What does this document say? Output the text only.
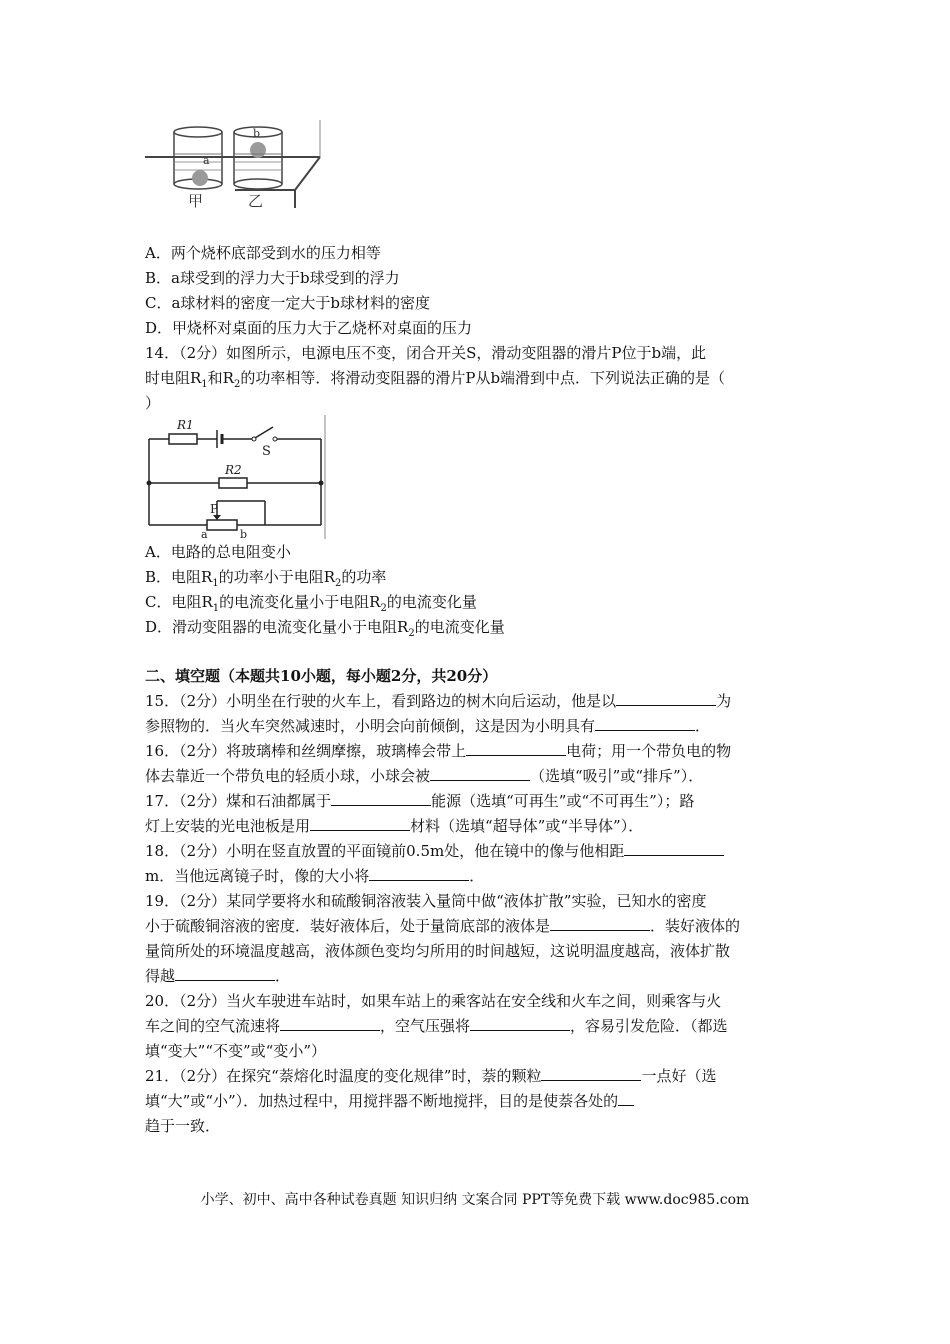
a
b
甲	乙
A．两个烧杯底部受到水的压力相等
B．a球受到的浮力大于b球受到的浮力
C．a球材料的密度一定大于b球材料的密度
D．甲烧杯对桌面的压力大于乙烧杯对桌面的压力
14．（2分）如图所示，电源电压不变，闭合开关S，滑动变阻器的滑片P位于b端，此
时电阻$R_1$和$R_2$的功率相等．将滑动变阻器的滑片P从b端滑到中点．下列说法正确的是（
）
R1
S
R2
P
a	b
A．电路的总电阻变小
B．电阻$R_1$的功率小于电阻$R_2$的功率
C．电阻$R_1$的电流变化量小于电阻$R_2$的电流变化量
D．滑动变阻器的电流变化量小于电阻$R_2$的电流变化量
二、填空题（本题共10小题，每小题2分，共20分）
15．（2分）小明坐在行驶的火车上，看到路边的树木向后运动，他是以	为
参照物的．当火车突然减速时，小明会向前倾倒，这是因为小明具有	．
16．（2分）将玻璃棒和丝绸摩擦，玻璃棒会带上	电荷；用一个带负电的物
体去靠近一个带负电的轻质小球，小球会被	（选填“吸引”或“排斥”）．
17．（2分）煤和石油都属于	能源（选填“可再生”或“不可再生”）；路
灯上安装的光电池板是用	材料（选填“超导体”或“半导体”）．
18．（2分）小明在竖直放置的平面镜前0.5m处，他在镜中的像与他相距
m．当他远离镜子时，像的大小将	．
19．（2分）某同学要将水和硫酸铜溶液装入量筒中做“液体扩散”实验，已知水的密度
小于硫酸铜溶液的密度．装好液体后，处于量筒底部的液体是	．装好液体的
量筒所处的环境温度越高，液体颜色变均匀所用的时间越短，这说明温度越高，液体扩散
得越	．
20．（2分）当火车驶进车站时，如果车站上的乘客站在安全线和火车之间，则乘客与火
车之间的空气流速将	，空气压强将	，容易引发危险．（都选
填“变大”“不变”或“变小”）
21．（2分）在探究“萘熔化时温度的变化规律”时，萘的颗粒	一点好（选
填“大”或“小”）．加热过程中，用搅拌器不断地搅拌，目的是使萘各处的
趋于一致．
小学、初中、高中各种试卷真题 知识归纳 文案合同 PPT等免费下载 www.doc985.com
